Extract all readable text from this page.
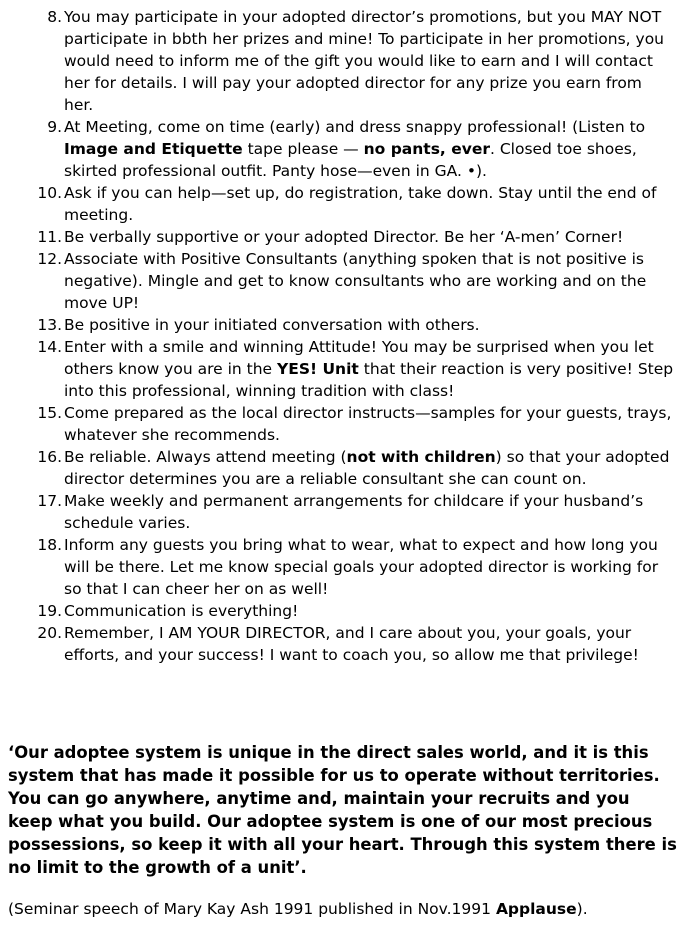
8. You may participate in your adopted director’s promotions, but you MAY NOT participate in bbth her prizes and mine! To participate in her promotions, you would need to inform me of the gift you would like to earn and I will contact her for details. I will pay your adopted director for any prize you earn from her.
9. At Meeting, come on time (early) and dress snappy professional! (Listen to Image and Etiquette tape please — no pants, ever. Closed toe shoes, skirted professional outfit. Panty hose—even in GA. •).
10. Ask if you can help—set up, do registration, take down. Stay until the end of meeting.
11. Be verbally supportive or your adopted Director. Be her ‘A-men’ Corner!
12. Associate with Positive Consultants (anything spoken that is not positive is negative). Mingle and get to know consultants who are working and on the move UP!
13. Be positive in your initiated conversation with others.
14. Enter with a smile and winning Attitude! You may be surprised when you let others know you are in the YES! Unit that their reaction is very positive! Step into this professional, winning tradition with class!
15. Come prepared as the local director instructs—samples for your guests, trays, whatever she recommends.
16. Be reliable. Always attend meeting (not with children) so that your adopted director determines you are a reliable consultant she can count on.
17. Make weekly and permanent arrangements for childcare if your husband’s schedule varies.
18. Inform any guests you bring what to wear, what to expect and how long you will be there. Let me know special goals your adopted director is working for so that I can cheer her on as well!
19. Communication is everything!
20. Remember, I AM YOUR DIRECTOR, and I care about you, your goals, your efforts, and your success! I want to coach you, so allow me that privilege!

‘Our adoptee system is unique in the direct sales world, and it is this system that has made it possible for us to operate without territories. You can go anywhere, anytime and, maintain your recruits and you keep what you build. Our adoptee system is one of our most precious possessions, so keep it with all your heart. Through this system there is no limit to the growth of a unit’.

(Seminar speech of Mary Kay Ash 1991 published in Nov.1991 Applause).
